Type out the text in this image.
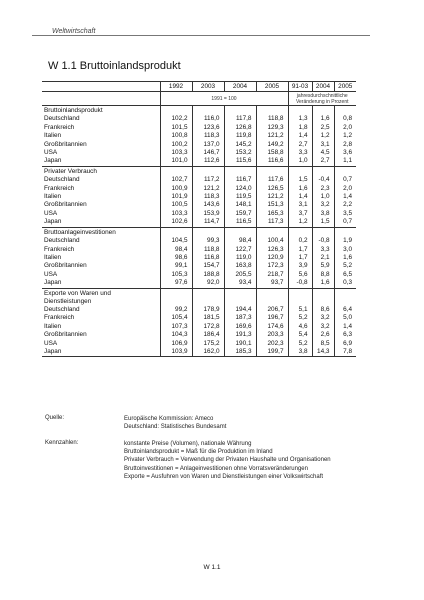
Weltwirtschaft
W 1.1 Bruttoinlandsprodukt
	1992	2003	2004	2005	91-03	2004	2005
	1991 = 100				jahresdurchschnittliche Veränderung in Prozent		
Bruttoinlandsprodukt							
Deutschland	102,2	116,0	117,8	118,8	1,3	1,6	0,8
Frankreich	101,5	123,6	126,8	129,3	1,8	2,5	2,0
Italien	100,8	118,3	119,8	121,2	1,4	1,2	1,2
Großbritannien	100,2	137,0	145,2	149,2	2,7	3,1	2,8
USA	103,3	146,7	153,2	158,8	3,3	4,5	3,6
Japan	101,0	112,6	115,6	116,6	1,0	2,7	1,1
Privater Verbrauch							
Deutschland	102,7	117,2	116,7	117,6	1,5	-0,4	0,7
Frankreich	100,9	121,2	124,0	126,5	1,6	2,3	2,0
Italien	101,9	118,3	119,5	121,2	1,4	1,0	1,4
Großbritannien	100,5	143,6	148,1	151,3	3,1	3,2	2,2
USA	103,3	153,9	159,7	165,3	3,7	3,8	3,5
Japan	102,6	114,7	116,5	117,3	1,2	1,5	0,7
Bruttoanlageinvestitionen							
Deutschland	104,5	99,3	98,4	100,4	0,2	-0,8	1,9
Frankreich	98,4	118,8	122,7	126,3	1,7	3,3	3,0
Italien	98,6	116,8	119,0	120,9	1,7	2,1	1,6
Großbritannien	99,1	154,7	163,8	172,3	3,9	5,9	5,2
USA	105,3	188,8	205,5	218,7	5,6	8,8	6,5
Japan	97,6	92,0	93,4	93,7	-0,8	1,6	0,3
Exporte von Waren und Dienstleistungen							
Deutschland	99,2	178,9	194,4	206,7	5,1	8,6	6,4
Frankreich	105,4	181,5	187,3	196,7	5,2	3,2	5,0
Italien	107,3	172,8	169,6	174,6	4,6	3,2	1,4
Großbritannien	104,3	186,4	191,3	203,3	5,4	2,6	6,3
USA	106,9	175,2	190,1	202,3	5,2	8,5	6,9
Japan	103,9	162,0	185,3	199,7	3,8	14,3	7,8
Quelle:	Europäische Kommission: Ameco
Deutschland: Statistisches Bundesamt
Kennzahlen:	konstante Preise (Volumen), nationale Währung
Bruttoinlandsprodukt = Maß für die Produktion im Inland
Privater Verbrauch = Verwendung der Privaten Haushalte und Organisationen
Bruttoinvestitionen = Anlageinvestitionen ohne Vorratsveränderungen
Exporte = Ausfuhren von Waren und Dienstleistungen einer Volkswirtschaft
W 1.1
